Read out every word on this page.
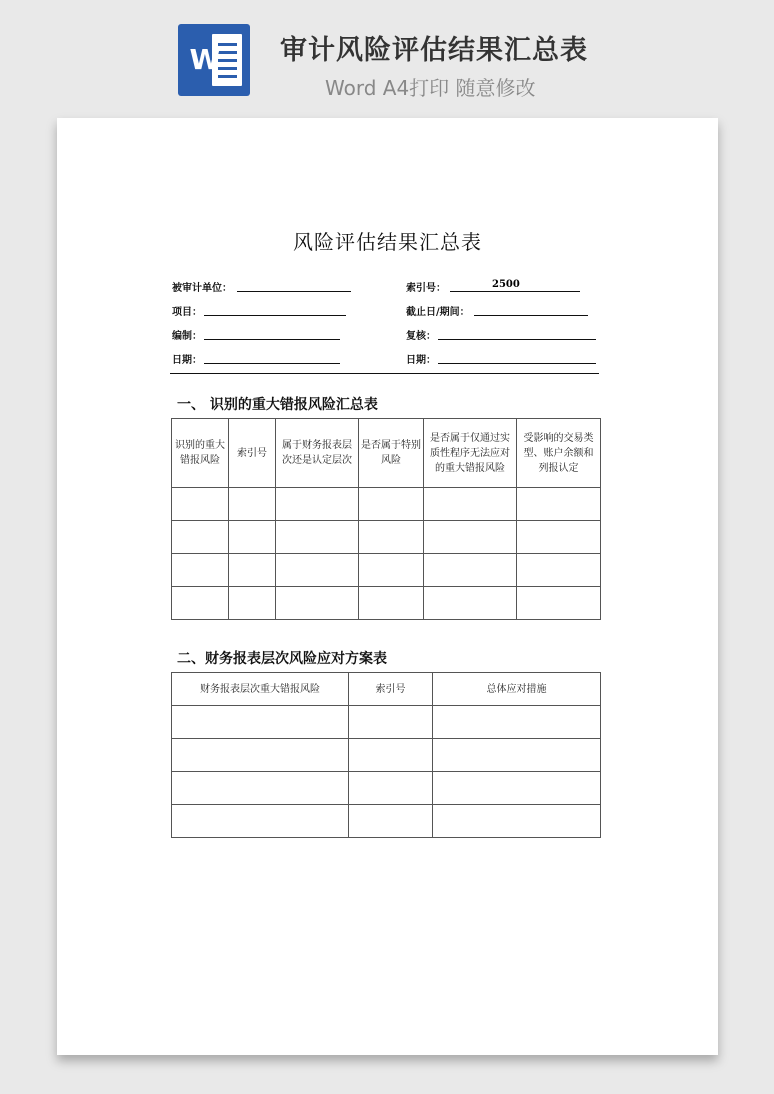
W 审计风险评估结果汇总表
Word A4打印 随意修改
风险评估结果汇总表
被审计单位：
项目：
编制：
日期：
索引号：	2500
截止日/期间：
复核：
日期：
一、 识别的重大错报风险汇总表
识别的重大错报风险	索引号	属于财务报表层次还是认定层次	是否属于特别风险	是否属于仅通过实质性程序无法应对的重大错报风险	受影响的交易类型、账户余额和列报认定

二、财务报表层次风险应对方案表
财务报表层次重大错报风险	索引号	总体应对措施
